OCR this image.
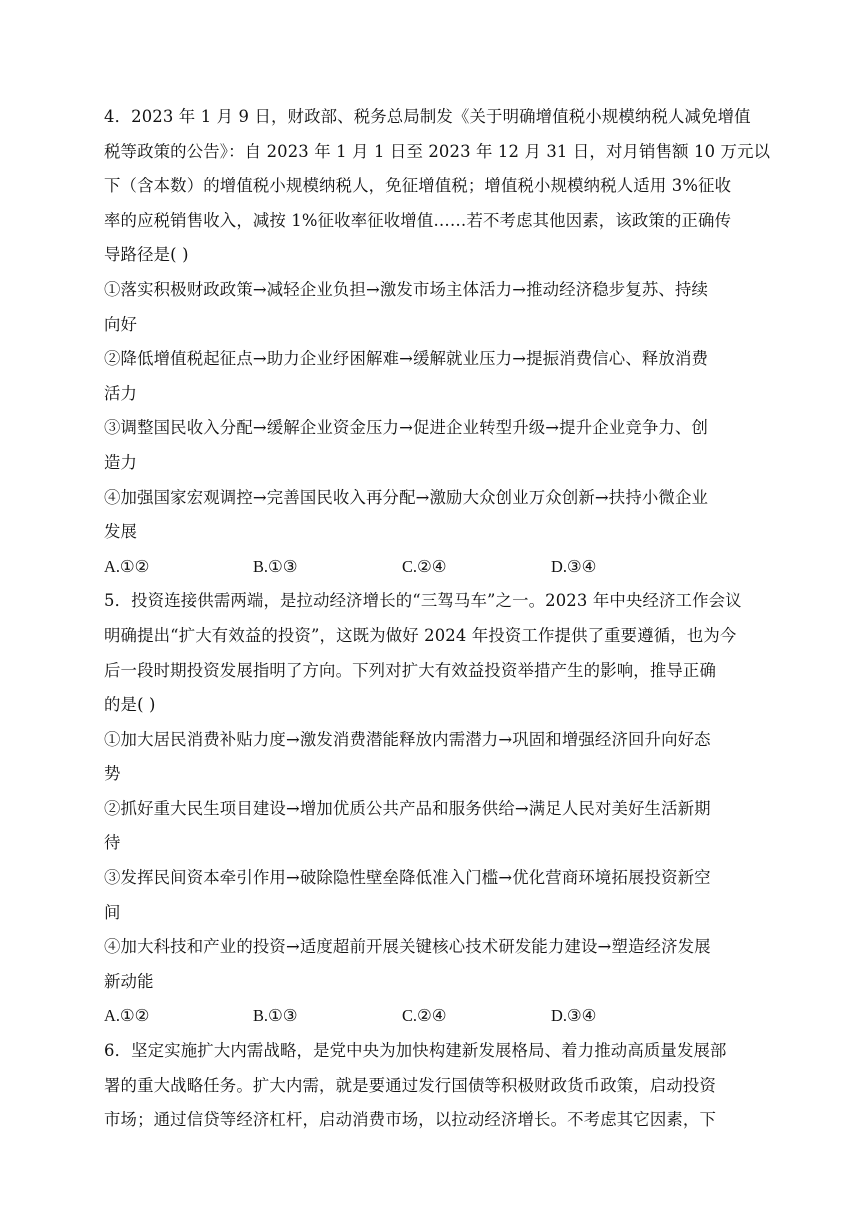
4．2023 年 1 月 9 日，财政部、税务总局制发《关于明确增值税小规模纳税人减免增值
税等政策的公告》：自 2023 年 1 月 1 日至 2023 年 12 月 31 日，对月销售额 10 万元以
下（含本数）的增值税小规模纳税人，免征增值税；增值税小规模纳税人适用 3%征收
率的应税销售收入，减按 1%征收率征收增值……若不考虑其他因素，该政策的正确传
导路径是( )
①落实积极财政政策→减轻企业负担→激发市场主体活力→推动经济稳步复苏、持续
向好
②降低增值税起征点→助力企业纾困解难→缓解就业压力→提振消费信心、释放消费
活力
③调整国民收入分配→缓解企业资金压力→促进企业转型升级→提升企业竞争力、创
造力
④加强国家宏观调控→完善国民收入再分配→激励大众创业万众创新→扶持小微企业
发展
A.①②	B.①③	C.②④	D.③④
5．投资连接供需两端，是拉动经济增长的“三驾马车”之一。2023 年中央经济工作会议
明确提出“扩大有效益的投资”，这既为做好 2024 年投资工作提供了重要遵循，也为今
后一段时期投资发展指明了方向。下列对扩大有效益投资举措产生的影响，推导正确
的是( )
①加大居民消费补贴力度→激发消费潜能释放内需潜力→巩固和增强经济回升向好态
势
②抓好重大民生项目建设→增加优质公共产品和服务供给→满足人民对美好生活新期
待
③发挥民间资本牵引作用→破除隐性壁垒降低准入门槛→优化营商环境拓展投资新空
间
④加大科技和产业的投资→适度超前开展关键核心技术研发能力建设→塑造经济发展
新动能
A.①②	B.①③	C.②④	D.③④
6．坚定实施扩大内需战略，是党中央为加快构建新发展格局、着力推动高质量发展部
署的重大战略任务。扩大内需，就是要通过发行国债等积极财政货币政策，启动投资
市场；通过信贷等经济杠杆，启动消费市场，以拉动经济增长。不考虑其它因素，下
